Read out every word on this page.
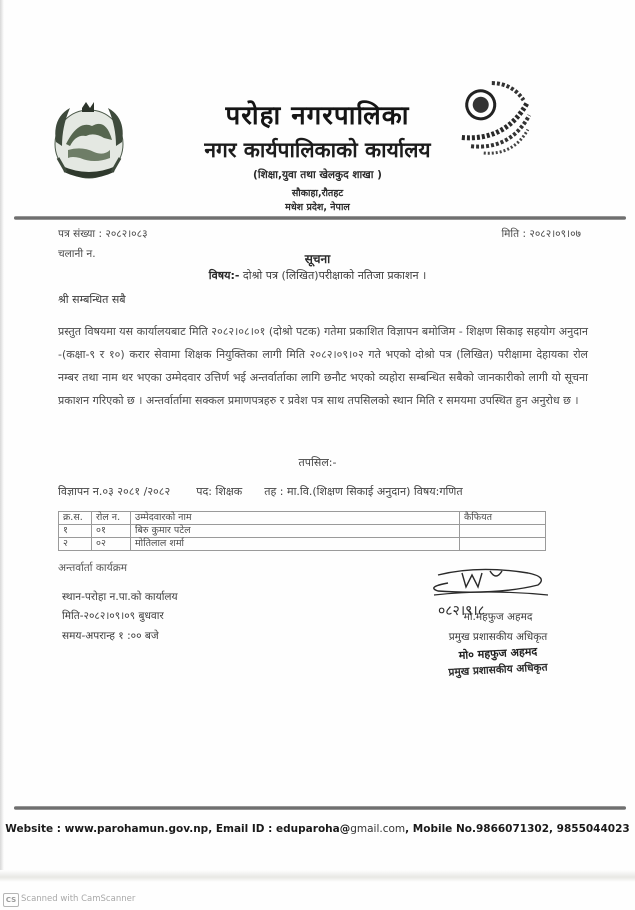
परोहा नगरपालिका
नगर कार्यपालिकाको कार्यालय
(शिक्षा,युवा तथा खेलकुद शाखा )
सौकाहा,रौतहट
मधेश प्रदेश, नेपाल
पत्र संख्या : २०८२।०८३
चलानी न.
मिति : २०८२।०९।०७
सूचना
विषय:- दोश्रो पत्र (लिखित)परीक्षाको नतिजा प्रकाशन ।
श्री सम्बन्धित सबै
प्रस्तुत विषयमा यस कार्यालयबाट मिति २०८२।०८।०१ (दोश्रो पटक) गतेमा प्रकाशित विज्ञापन बमोजिम - शिक्षण सिकाइ सहयोग अनुदान -(कक्षा-९ र १०) करार सेवामा शिक्षक नियुक्तिका लागी मिति २०८२।०९।०२ गते भएको दोश्रो पत्र (लिखित) परीक्षामा देहायका रोल नम्बर तथा नाम थर भएका उम्मेदवार उत्तिर्ण भई अन्तर्वार्ताका लागि छनौट भएको व्यहोरा सम्बन्धित सबैको जानकारीको लागी यो सूचना प्रकाशन गरिएको छ । अन्तर्वार्तामा सक्कल प्रमाणपत्रहरु र प्रवेश पत्र साथ तपसिलको स्थान मिति र समयमा उपस्थित हुन अनुरोध छ ।
तपसिल:-
विज्ञापन न.०३ २०८१ /२०८२ पद: शिक्षक तह : मा.वि.(शिक्षण सिकाई अनुदान) विषय:गणित
क्र.स.	रोल न.	उम्मेदवारको नाम	कैफियत
१	०१	बिरु कुमार पटेल	
२	०२	मोतिलाल शर्मा	
अन्तर्वार्ता कार्यक्रम
स्थान-परोहा न.पा.को कार्यालय
मिति-२०८२।०९।०९ बुधवार
समय-अपरान्ह १ :०० बजे
०८२।९।८
मो.महफुज अहमद
प्रमुख प्रशासकीय अधिकृत
मो० महफुज अहमद
प्रमुख प्रशासकीय अधिकृत
Website : www.parohamun.gov.np, Email ID : eduparoha@gmail.com, Mobile No.9866071302, 9855044023
CS Scanned with CamScanner
